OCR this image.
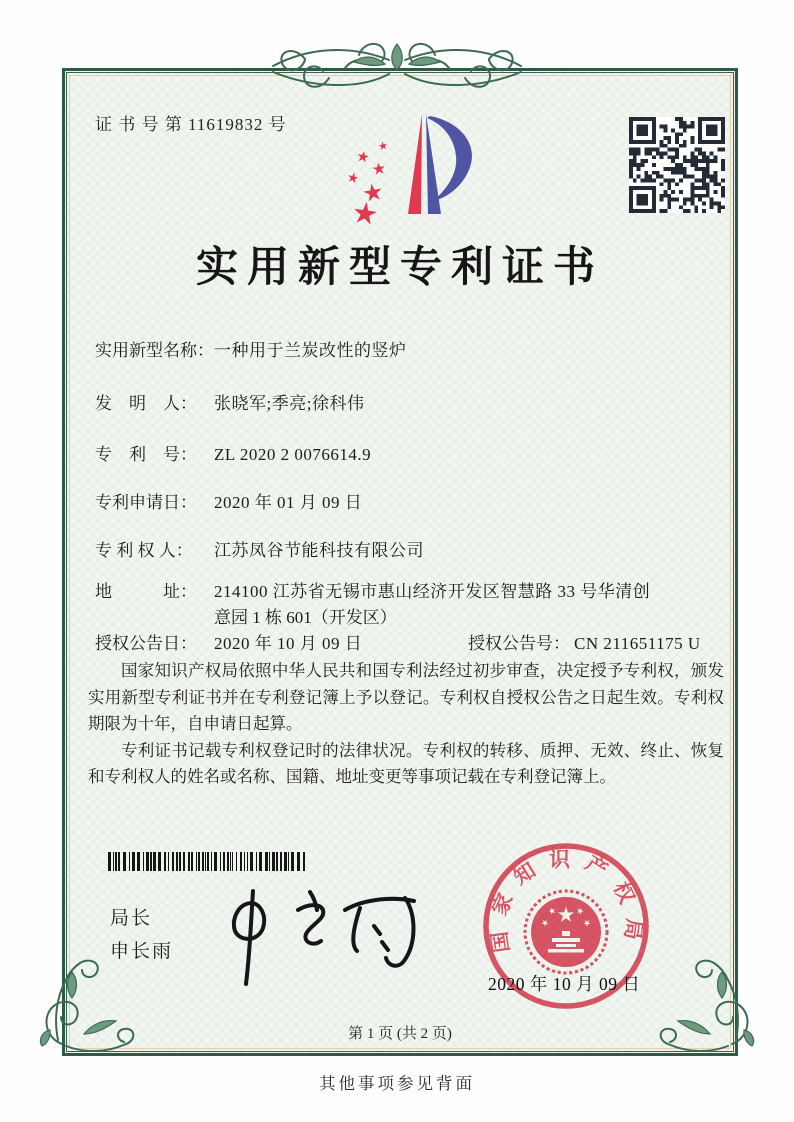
证 书 号 第 11619832 号
实用新型专利证书
实用新型名称：一种用于兰炭改性的竖炉
发　明　人： 张晓军;季亮;徐科伟
专　利　号： ZL 2020 2 0076614.9
专利申请日： 2020 年 01 月 09 日
专 利 权 人： 江苏凤谷节能科技有限公司
地　　　址： 214100 江苏省无锡市惠山经济开发区智慧路 33 号华清创
意园 1 栋 601（开发区）
授权公告日： 2020 年 10 月 09 日	授权公告号： CN 211651175 U

国家知识产权局依照中华人民共和国专利法经过初步审查，决定授予专利权，颁发实用新型专利证书并在专利登记簿上予以登记。专利权自授权公告之日起生效。专利权期限为十年，自申请日起算。

专利证书记载专利权登记时的法律状况。专利权的转移、质押、无效、终止、恢复和专利权人的姓名或名称、国籍、地址变更等事项记载在专利登记簿上。

局长
申长雨	国家知识产权局
2020 年 10 月 09 日
第 1 页 (共 2 页)
其他事项参见背面
